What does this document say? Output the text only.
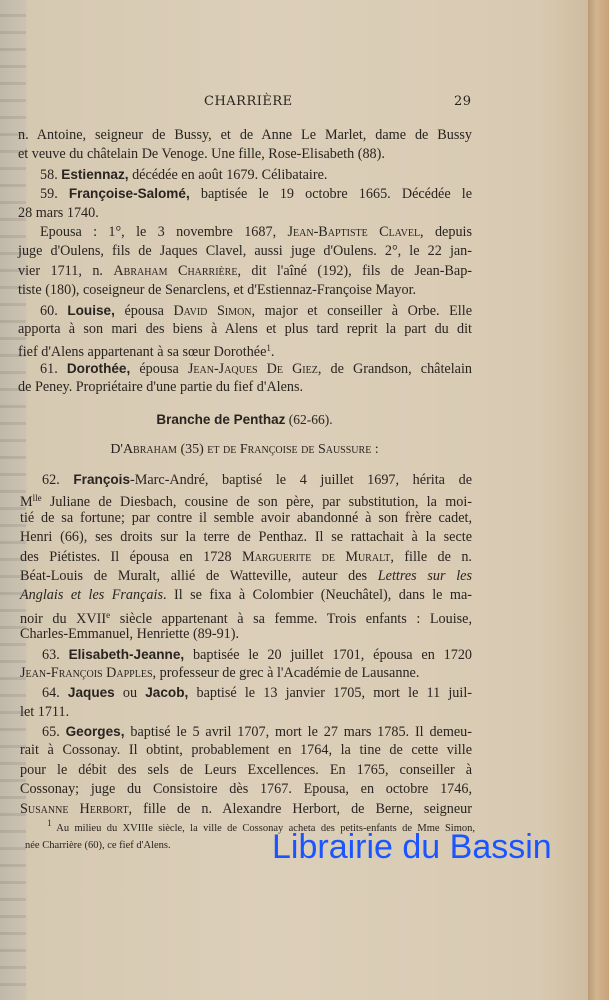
CHARRIÈRE	29
n. Antoine, seigneur de Bussy, et de Anne Le Marlet, dame de Bussy
et veuve du châtelain De Venoge. Une fille, Rose-Elisabeth (88).
58. Estiennaz, décédée en août 1679. Célibataire.
59. Françoise-Salomé, baptisée le 19 octobre 1665. Décédée le
28 mars 1740.
Epousa : 1°, le 3 novembre 1687, Jean-Baptiste Clavel, depuis
juge d'Oulens, fils de Jaques Clavel, aussi juge d'Oulens. 2°, le 22 jan-
vier 1711, n. Abraham Charrière, dit l'aîné (192), fils de Jean-Bap-
tiste (180), coseigneur de Senarclens, et d'Estiennaz-Françoise Mayor.
60. Louise, épousa David Simon, major et conseiller à Orbe. Elle
apporta à son mari des biens à Alens et plus tard reprit la part du dit
fief d'Alens appartenant à sa sœur Dorothée$^1$.
61. Dorothée, épousa Jean-Jaques De Giez, de Grandson, châtelain
de Peney. Propriétaire d'une partie du fief d'Alens.
Branche de Penthaz (62-66).
D'Abraham (35) et de Françoise de Saussure :
62. François-Marc-André, baptisé le 4 juillet 1697, hérita de
$M^{lle}$ Juliane de Diesbach, cousine de son père, par substitution, la moi-
tié de sa fortune; par contre il semble avoir abandonné à son frère cadet,
Henri (66), ses droits sur la terre de Penthaz. Il se rattachait à la secte
des Piétistes. Il épousa en 1728 Marguerite de Muralt, fille de n.
Béat-Louis de Muralt, allié de Watteville, auteur des Lettres sur les
Anglais et les Français. Il se fixa à Colombier (Neuchâtel), dans le ma-
noir du XVIIe siècle appartenant à sa femme. Trois enfants : Louise,
Charles-Emmanuel, Henriette (89-91).
63. Elisabeth-Jeanne, baptisée le 20 juillet 1701, épousa en 1720
Jean-François Dapples, professeur de grec à l'Académie de Lausanne.
64. Jaques ou Jacob, baptisé le 13 janvier 1705, mort le 11 juil-
let 1711.
65. Georges, baptisé le 5 avril 1707, mort le 27 mars 1785. Il demeu-
rait à Cossonay. Il obtint, probablement en 1764, la tine de cette ville
pour le débit des sels de Leurs Excellences. En 1765, conseiller à
Cossonay; juge du Consistoire dès 1767. Epousa, en octobre 1746,
Susanne Herbort, fille de n. Alexandre Herbort, de Berne, seigneur
1 Au milieu du XVIIIe siècle, la ville de Cossonay acheta des petits-enfants de Mme Simon,
née Charrière (60), ce fief d'Alens.	Librairie du Bassin
